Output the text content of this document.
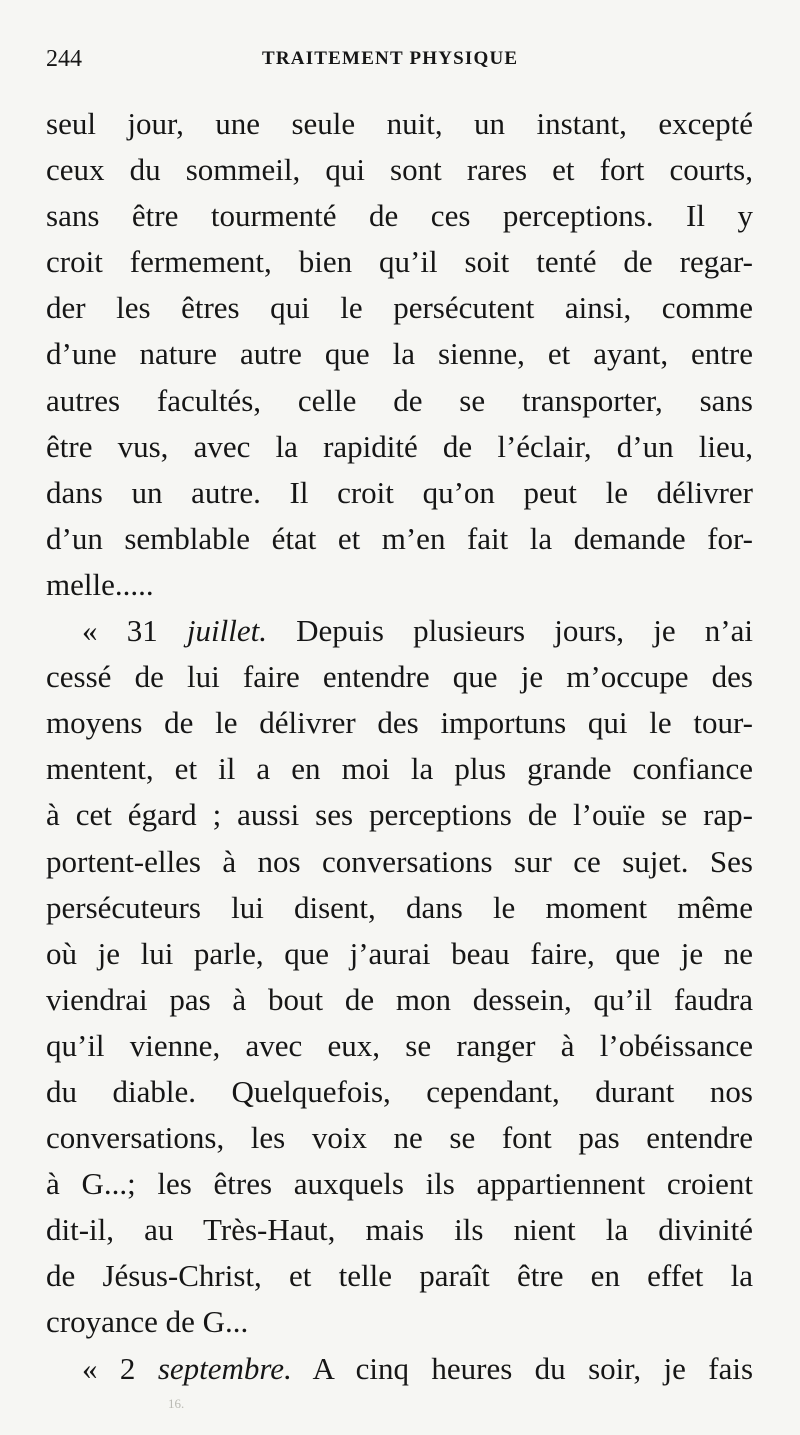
244	TRAITEMENT PHYSIQUE
seul jour, une seule nuit, un instant, excepté
ceux du sommeil, qui sont rares et fort courts,
sans être tourmenté de ces perceptions. Il y
croit fermement, bien qu’il soit tenté de regar-
der les êtres qui le persécutent ainsi, comme
d’une nature autre que la sienne, et ayant, entre
autres facultés, celle de se transporter, sans
être vus, avec la rapidité de l’éclair, d’un lieu,
dans un autre. Il croit qu’on peut le délivrer
d’un semblable état et m’en fait la demande for-
melle.....
« 31 juillet. Depuis plusieurs jours, je n’ai
cessé de lui faire entendre que je m’occupe des
moyens de le délivrer des importuns qui le tour-
mentent, et il a en moi la plus grande confiance
à cet égard ; aussi ses perceptions de l’ouïe se rap-
portent-elles à nos conversations sur ce sujet. Ses
persécuteurs lui disent, dans le moment même
où je lui parle, que j’aurai beau faire, que je ne
viendrai pas à bout de mon dessein, qu’il faudra
qu’il vienne, avec eux, se ranger à l’obéissance
du diable. Quelquefois, cependant, durant nos
conversations, les voix ne se font pas entendre
à G...; les êtres auxquels ils appartiennent croient
dit-il, au Très-Haut, mais ils nient la divinité
de Jésus-Christ, et telle paraît être en effet la
croyance de G...
« 2 septembre. A cinq heures du soir, je fais
16.
